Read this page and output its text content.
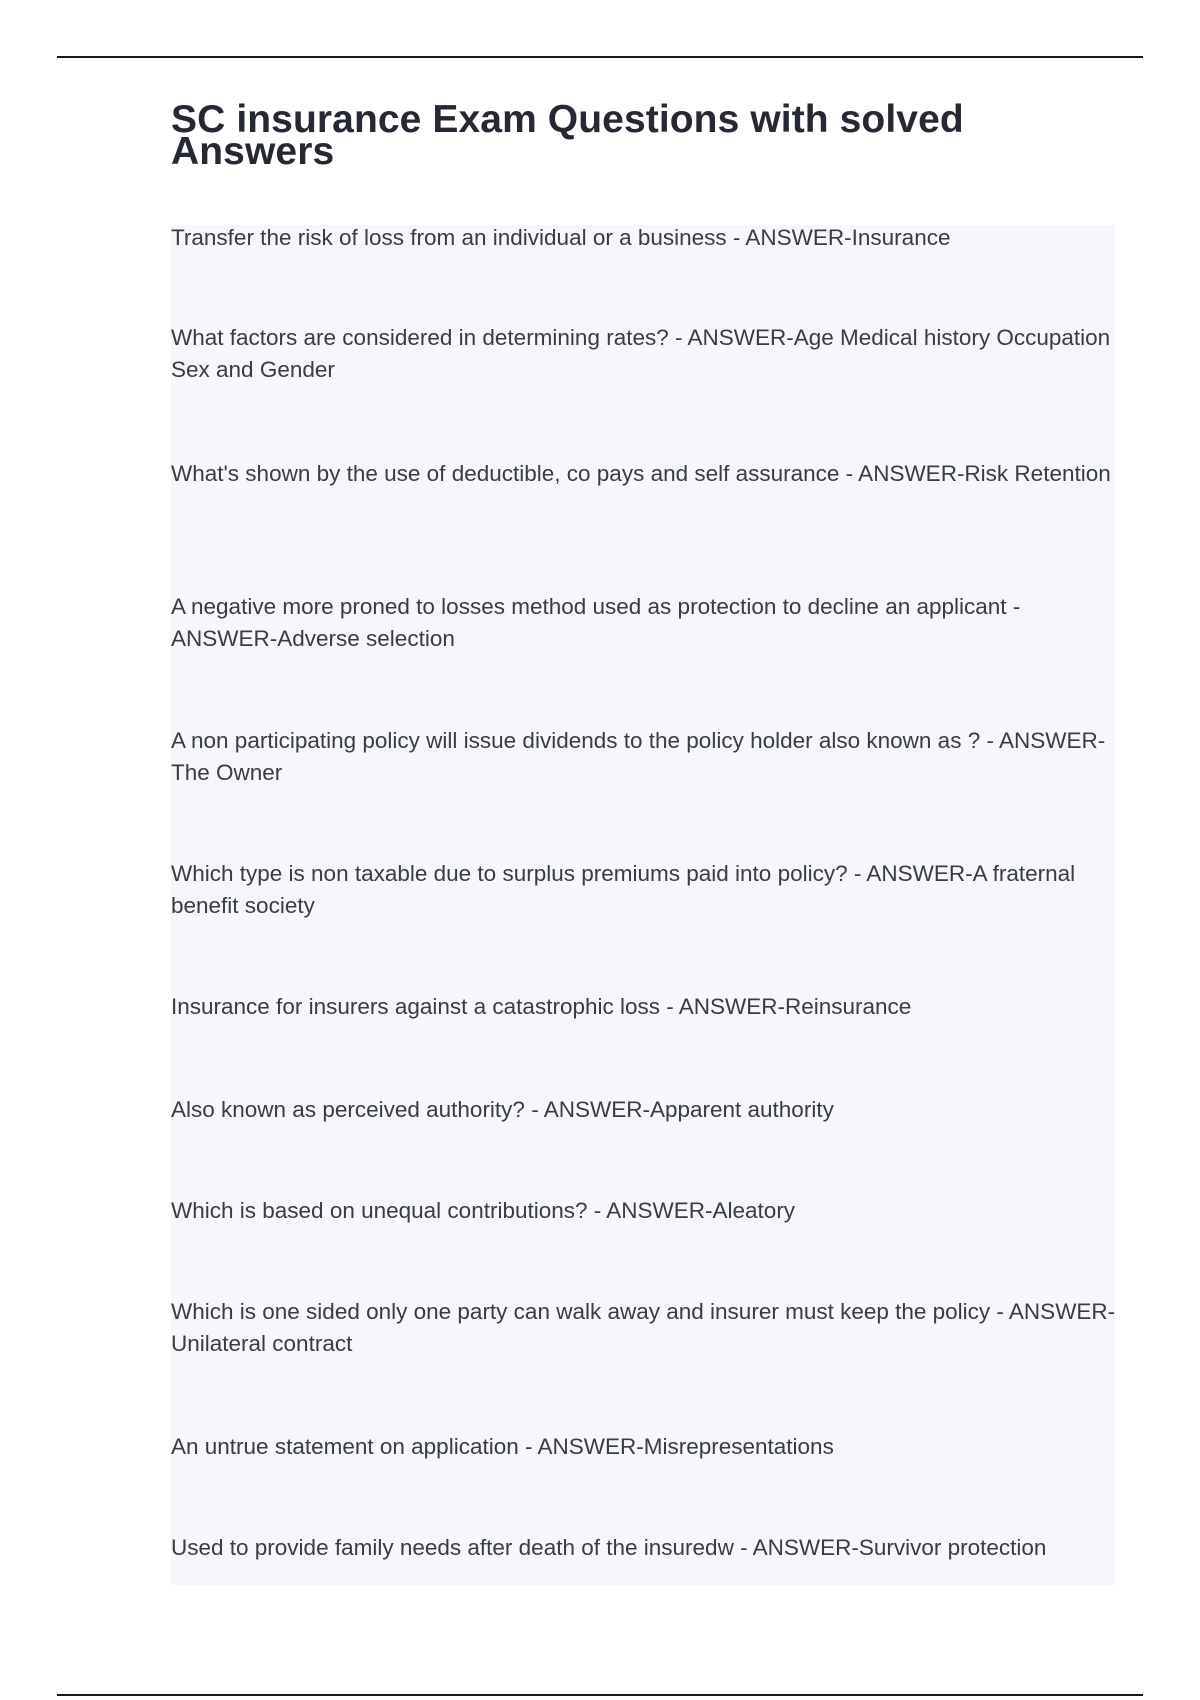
SC insurance Exam Questions with solved Answers

Transfer the risk of loss from an individual or a business - ANSWER-Insurance

What factors are considered in determining rates? - ANSWER-Age Medical history Occupation Sex and Gender

What's shown by the use of deductible, co pays and self assurance - ANSWER-Risk Retention

A negative more proned to losses method used as protection to decline an applicant - ANSWER-Adverse selection

A non participating policy will issue dividends to the policy holder also known as ? - ANSWER-The Owner

Which type is non taxable due to surplus premiums paid into policy? - ANSWER-A fraternal benefit society

Insurance for insurers against a catastrophic loss - ANSWER-Reinsurance

Also known as perceived authority? - ANSWER-Apparent authority

Which is based on unequal contributions? - ANSWER-Aleatory

Which is one sided only one party can walk away and insurer must keep the policy - ANSWER-Unilateral contract

An untrue statement on application - ANSWER-Misrepresentations

Used to provide family needs after death of the insuredw - ANSWER-Survivor protection
